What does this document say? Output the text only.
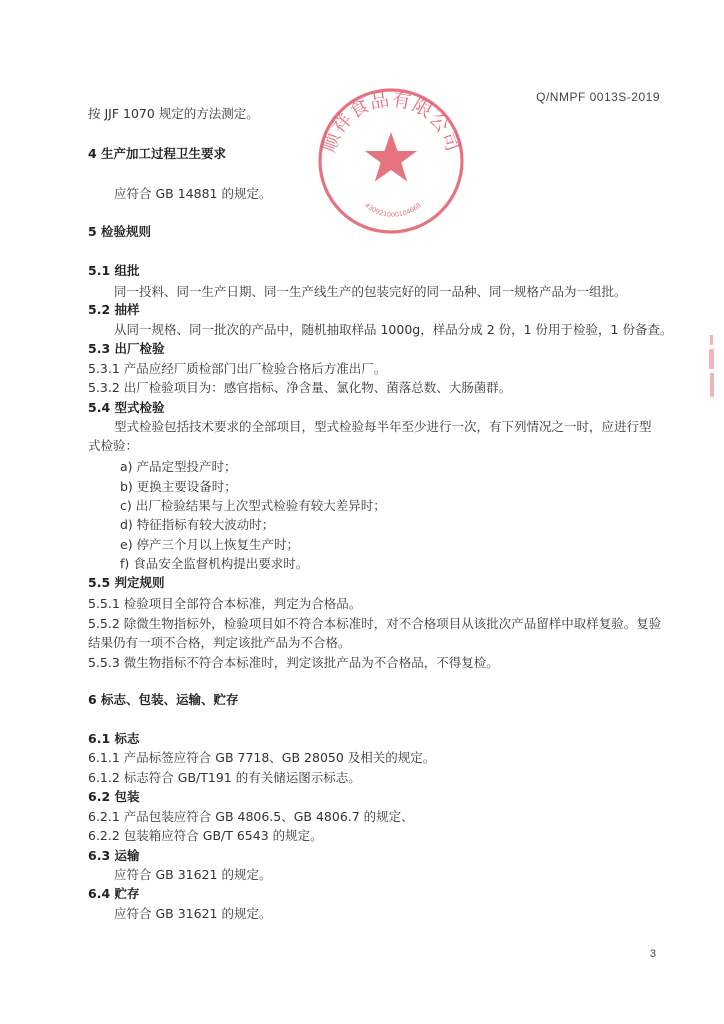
Q/NMPF 0013S-2019
顺祥食品有限公司
430921000104668
按 JJF 1070 规定的方法测定。
4 生产加工过程卫生要求
应符合 GB 14881 的规定。
5 检验规则
5.1 组批
同一投料、同一生产日期、同一生产线生产的包装完好的同一品种、同一规格产品为一组批。
5.2 抽样
从同一规格、同一批次的产品中，随机抽取样品 1000g，样品分成 2 份，1 份用于检验，1 份备查。
5.3 出厂检验
5.3.1 产品应经厂质检部门出厂检验合格后方准出厂。
5.3.2 出厂检验项目为：感官指标、净含量、氯化物、菌落总数、大肠菌群。
5.4 型式检验
型式检验包括技术要求的全部项目，型式检验每半年至少进行一次，有下列情况之一时，应进行型
式检验：
a) 产品定型投产时；
b) 更换主要设备时；
c) 出厂检验结果与上次型式检验有较大差异时；
d) 特征指标有较大波动时；
e) 停产三个月以上恢复生产时；
f) 食品安全监督机构提出要求时。
5.5 判定规则
5.5.1 检验项目全部符合本标准，判定为合格品。
5.5.2 除微生物指标外，检验项目如不符合本标准时，对不合格项目从该批次产品留样中取样复验。复验
结果仍有一项不合格，判定该批产品为不合格。
5.5.3 微生物指标不符合本标准时，判定该批产品为不合格品，不得复检。
6 标志、包装、运输、贮存
6.1 标志
6.1.1 产品标签应符合 GB 7718、GB 28050 及相关的规定。
6.1.2 标志符合 GB/T191 的有关储运图示标志。
6.2 包装
6.2.1 产品包装应符合 GB 4806.5、GB 4806.7 的规定、
6.2.2 包装箱应符合 GB/T 6543 的规定。
6.3 运输
应符合 GB 31621 的规定。
6.4 贮存
应符合 GB 31621 的规定。
3
